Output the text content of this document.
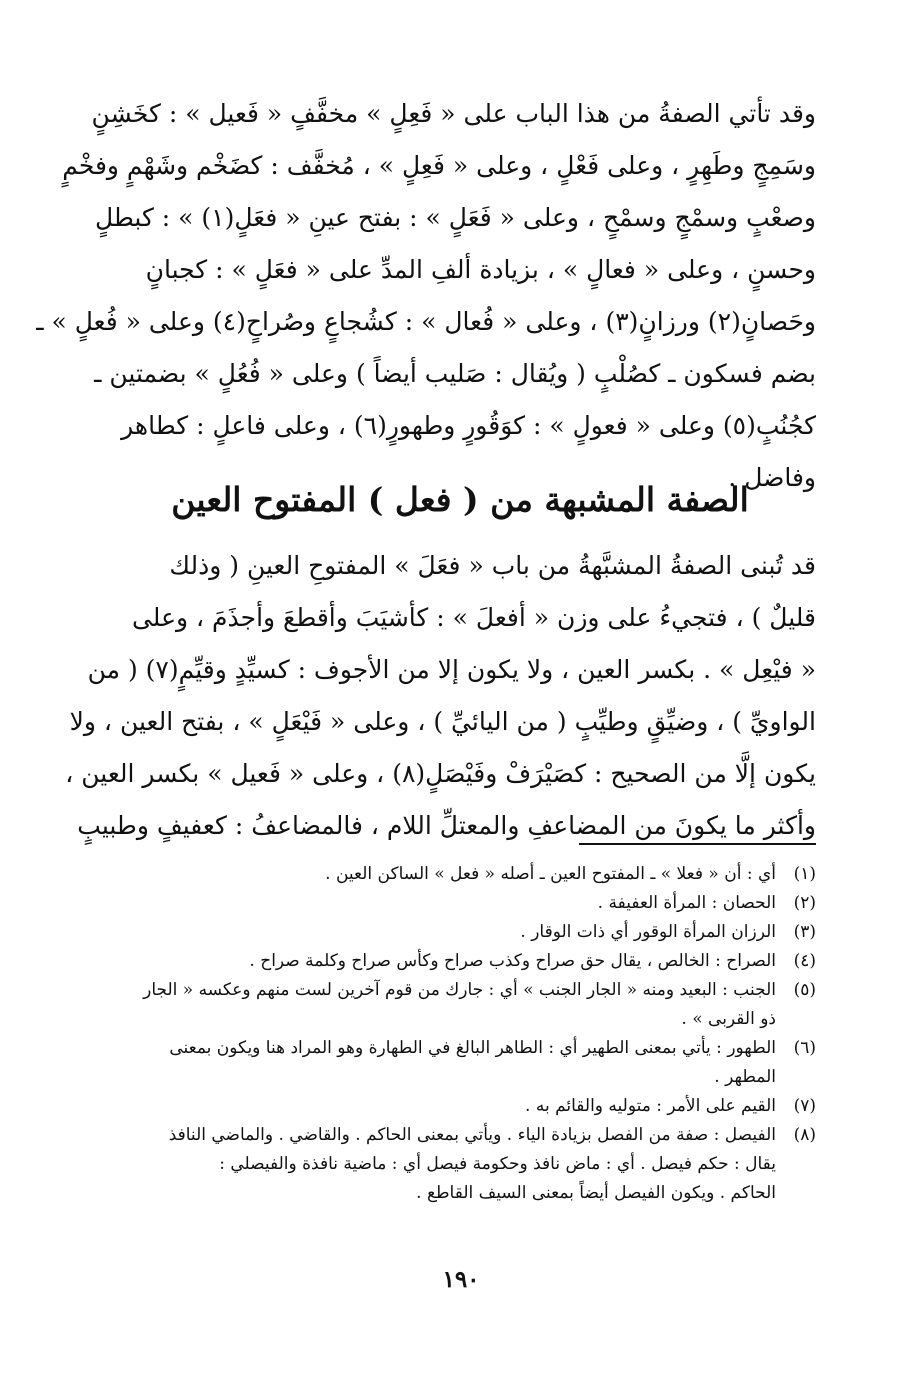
وقد تأتي الصفةُ من هذا الباب على « فَعِلٍ » مخفَّفٍ « فَعيل » : كخَشِنٍ
وسَمِجٍ وطَهِرٍ ، وعلى فَعْلٍ ، وعلى « فَعِلٍ » ، مُخفَّف : كضَخْم وشَهْمٍ وفخْمٍ
وصعْبٍ وسمْجٍ وسمْحٍ ، وعلى « فَعَلٍ » : بفتح عينِ « فعَلٍ(١) » : كبطلٍ
وحسنٍ ، وعلى « فعالٍ » ، بزيادة ألفِ المدِّ على « فعَلٍ » : كجبانٍ
وحَصانٍ(٢) ورزانٍ(٣) ، وعلى « فُعال » : كشُجاعٍ وصُراحٍ(٤) وعلى « فُعلٍ » ـ
بضم فسكون ـ كصُلْبٍ ( ويُقال : صَليب أيضاً ) وعلى « فُعُلٍ » بضمتين ـ
كجُنُبٍ(٥) وعلى « فعولٍ » : كوَقُورٍ وطهورٍ(٦) ، وعلى فاعلٍ : كطاهر
وفاضل .
الصفة المشبهة من ( فعل ) المفتوح العين
قد تُبنى الصفةُ المشبَّهةُ من باب « فعَلَ » المفتوحِ العينِ ( وذلك
قليلٌ ) ، فتجيءُ على وزن « أفعلَ » : كأشيَبَ وأقطعَ وأجذَمَ ، وعلى
« فيْعِل » . بكسر العين ، ولا يكون إلا من الأجوف : كسيِّدٍ وقيِّمٍ(٧) ( من
الواويِّ ) ، وضيِّقٍ وطيِّبٍ ( من اليائيِّ ) ، وعلى « فَيْعَلٍ » ، بفتح العين ، ولا
يكون إلَّا من الصحيح : كصَيْرَفْ وفَيْصَلٍ(٨) ، وعلى « فَعيل » بكسر العين ،
وأكثر ما يكونَ من المضاعفِ والمعتلِّ اللام ، فالمضاعفُ : كعفيفٍ وطبيبٍ
(١)
أي : أن « فعلا » ـ المفتوح العين ـ أصله « فعل » الساكن العين .
(٢)
الحصان : المرأة العفيفة .
(٣)
الرزان المرأة الوقور أي ذات الوقار .
(٤)
الصراح : الخالص ، يقال حق صراح وكذب صراح وكأس صراح وكلمة صراح .
(٥)
الجنب : البعيد ومنه « الجار الجنب » أي : جارك من قوم آخرين لست منهم وعكسه « الجار
ذو القربى » .
(٦)
الطهور : يأتي بمعنى الطهير أي : الطاهر البالغ في الطهارة وهو المراد هنا ويكون بمعنى
المطهر .
(٧)
القيم على الأمر : متوليه والقائم به .
(٨)
الفيصل : صفة من الفصل بزيادة الياء . ويأتي بمعنى الحاكم . والقاضي . والماضي النافذ
يقال : حكم فيصل . أي : ماض نافذ وحكومة فيصل أي : ماضية نافذة والفيصلي :
الحاكم . ويكون الفيصل أيضاً بمعنى السيف القاطع .
١٩٠
